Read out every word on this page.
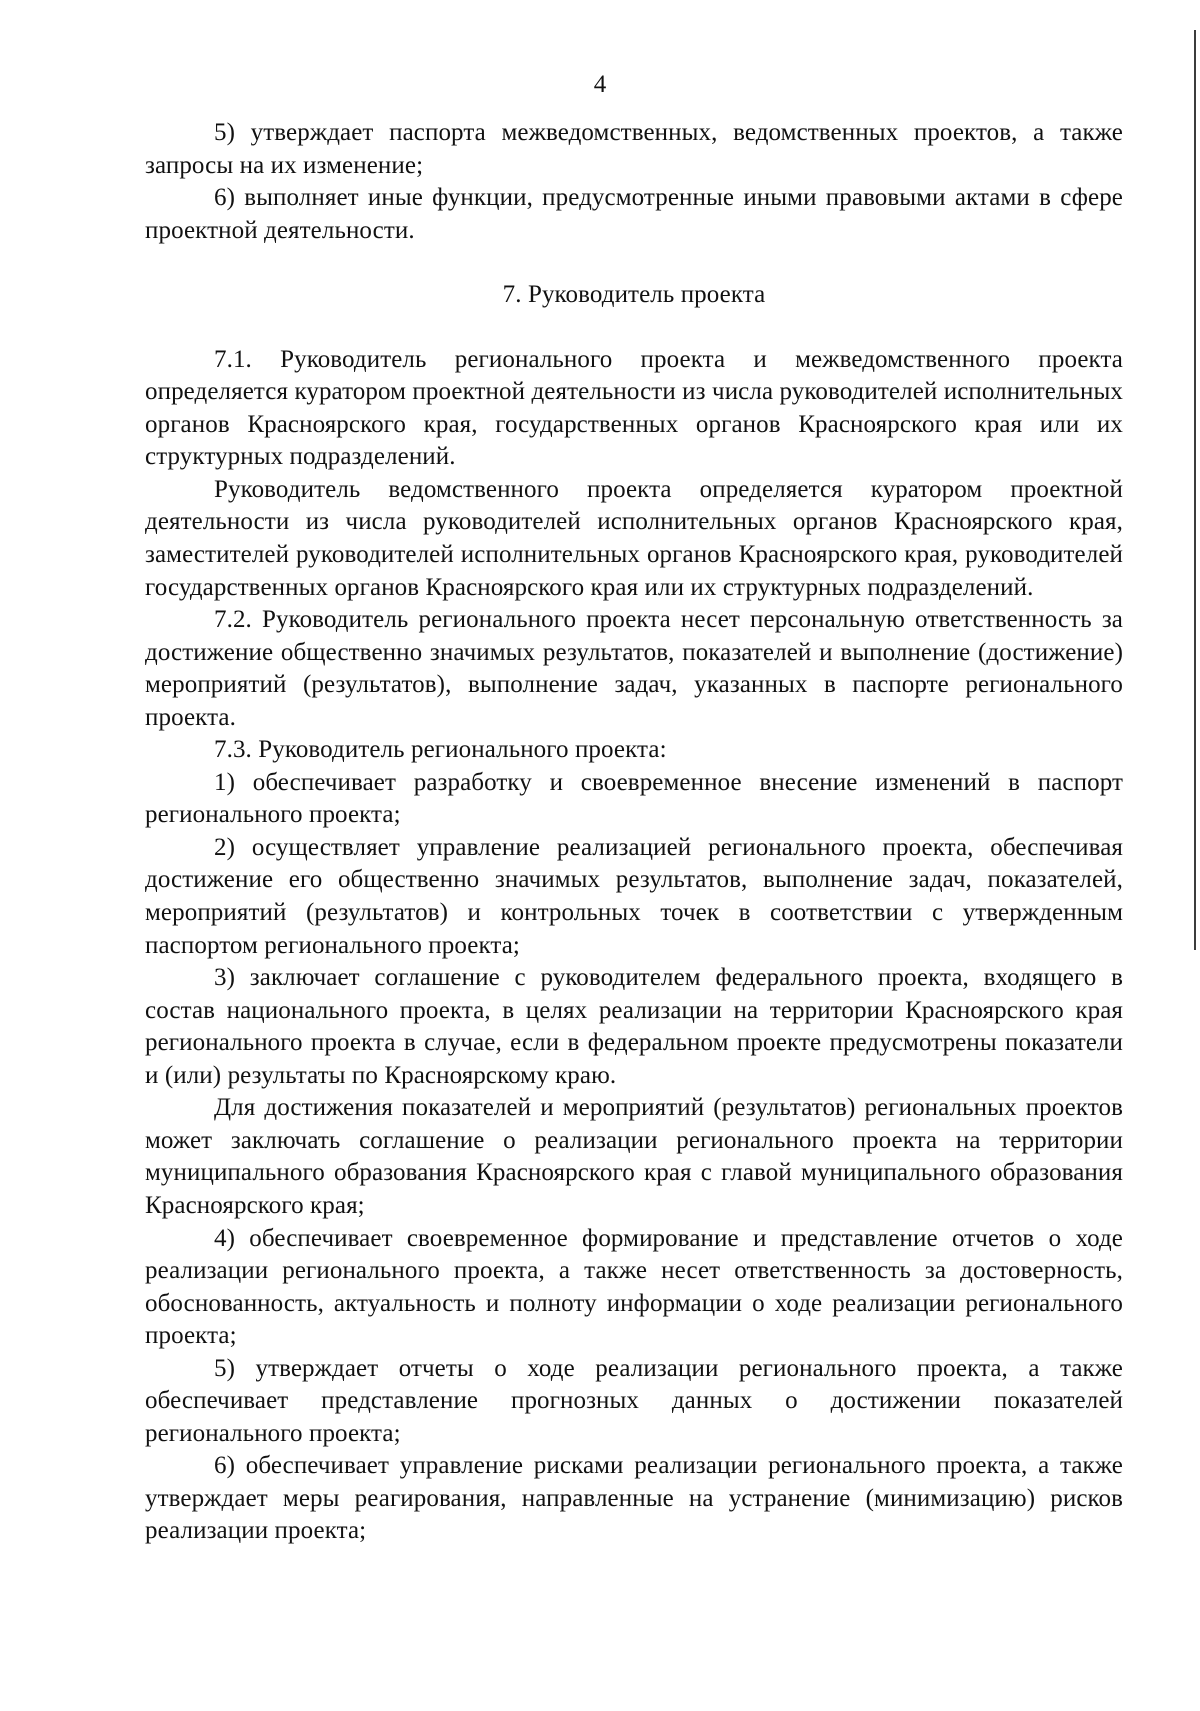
4

5) утверждает паспорта межведомственных, ведомственных проектов, а также запросы на их изменение;

6) выполняет иные функции, предусмотренные иными правовыми актами в сфере проектной деятельности.

7. Руководитель проекта

7.1. Руководитель регионального проекта и межведомственного проекта определяется куратором проектной деятельности из числа руководителей исполнительных органов Красноярского края, государственных органов Красноярского края или их структурных подразделений.

Руководитель ведомственного проекта определяется куратором проектной деятельности из числа руководителей исполнительных органов Красноярского края, заместителей руководителей исполнительных органов Красноярского края, руководителей государственных органов Красноярского края или их структурных подразделений.

7.2. Руководитель регионального проекта несет персональную ответственность за достижение общественно значимых результатов, показателей и выполнение (достижение) мероприятий (результатов), выполнение задач, указанных в паспорте регионального проекта.

7.3. Руководитель регионального проекта:

1) обеспечивает разработку и своевременное внесение изменений в паспорт регионального проекта;

2) осуществляет управление реализацией регионального проекта, обеспечивая достижение его общественно значимых результатов, выполнение задач, показателей, мероприятий (результатов) и контрольных точек в соответствии с утвержденным паспортом регионального проекта;

3) заключает соглашение с руководителем федерального проекта, входящего в состав национального проекта, в целях реализации на территории Красноярского края регионального проекта в случае, если в федеральном проекте предусмотрены показатели и (или) результаты по Красноярскому краю.

Для достижения показателей и мероприятий (результатов) региональных проектов может заключать соглашение о реализации регионального проекта на территории муниципального образования Красноярского края с главой муниципального образования Красноярского края;

4) обеспечивает своевременное формирование и представление отчетов о ходе реализации регионального проекта, а также несет ответственность за достоверность, обоснованность, актуальность и полноту информации о ходе реализации регионального проекта;

5) утверждает отчеты о ходе реализации регионального проекта, а также обеспечивает представление прогнозных данных о достижении показателей регионального проекта;

6) обеспечивает управление рисками реализации регионального проекта, а также утверждает меры реагирования, направленные на устранение (минимизацию) рисков реализации проекта;
